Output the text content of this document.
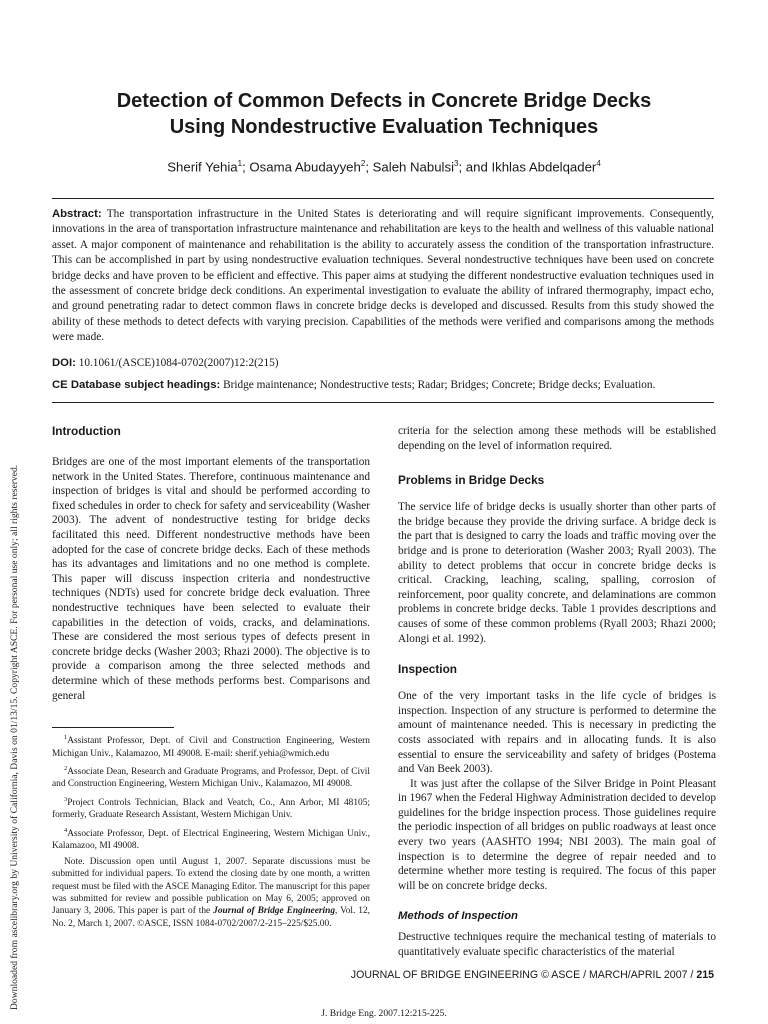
Downloaded from ascelibrary.org by University of California, Davis on 01/13/15. Copyright ASCE. For personal use only; all rights reserved.
Detection of Common Defects in Concrete Bridge Decks
Using Nondestructive Evaluation Techniques
Sherif Yehia$^1$; Osama Abudayyeh$^2$; Saleh Nabulsi$^3$; and Ikhlas Abdelqader$^4$
Abstract: The transportation infrastructure in the United States is deteriorating and will require significant improvements. Consequently, innovations in the area of transportation infrastructure maintenance and rehabilitation are keys to the health and wellness of this valuable national asset. A major component of maintenance and rehabilitation is the ability to accurately assess the condition of the transportation infrastructure. This can be accomplished in part by using nondestructive evaluation techniques. Several nondestructive techniques have been used on concrete bridge decks and have proven to be efficient and effective. This paper aims at studying the different nondestructive evaluation techniques used in the assessment of concrete bridge deck conditions. An experimental investigation to evaluate the ability of infrared thermography, impact echo, and ground penetrating radar to detect common flaws in concrete bridge decks is developed and discussed. Results from this study showed the ability of these methods to detect defects with varying precision. Capabilities of the methods were verified and comparisons among the methods were made.
DOI: 10.1061/(ASCE)1084-0702(2007)12:2(215)
CE Database subject headings: Bridge maintenance; Nondestructive tests; Radar; Bridges; Concrete; Bridge decks; Evaluation.
Introduction

Bridges are one of the most important elements of the transportation network in the United States. Therefore, continuous maintenance and inspection of bridges is vital and should be performed according to fixed schedules in order to check for safety and serviceability (Washer 2003). The advent of nondestructive testing for bridge decks facilitated this need. Different nondestructive methods have been adopted for the case of concrete bridge decks. Each of these methods has its advantages and limitations and no one method is complete. This paper will discuss inspection criteria and nondestructive techniques (NDTs) used for concrete bridge deck evaluation. Three nondestructive techniques have been selected to evaluate their capabilities in the detection of voids, cracks, and delaminations. These are considered the most serious types of defects present in concrete bridge decks (Washer 2003; Rhazi 2000). The objective is to provide a comparison among the three selected methods and determine which of these methods performs best. Comparisons and general

$^1$Assistant Professor, Dept. of Civil and Construction Engineering, Western Michigan Univ., Kalamazoo, MI 49008. E-mail: sherif.yehia@wmich.edu

$^2$Associate Dean, Research and Graduate Programs, and Professor, Dept. of Civil and Construction Engineering, Western Michigan Univ., Kalamazoo, MI 49008.

$^3$Project Controls Technician, Black and Veatch, Co., Ann Arbor, MI 48105; formerly, Graduate Research Assistant, Western Michigan Univ.

$^4$Associate Professor, Dept. of Electrical Engineering, Western Michigan Univ., Kalamazoo, MI 49008.

Note. Discussion open until August 1, 2007. Separate discussions must be submitted for individual papers. To extend the closing date by one month, a written request must be filed with the ASCE Managing Editor. The manuscript for this paper was submitted for review and possible publication on May 6, 2005; approved on January 3, 2006. This paper is part of the Journal of Bridge Engineering, Vol. 12, No. 2, March 1, 2007. ©ASCE, ISSN 1084-0702/2007/2-215–225/$25.00.

criteria for the selection among these methods will be established depending on the level of information required.

Problems in Bridge Decks

The service life of bridge decks is usually shorter than other parts of the bridge because they provide the driving surface. A bridge deck is the part that is designed to carry the loads and traffic moving over the bridge and is prone to deterioration (Washer 2003; Ryall 2003). The ability to detect problems that occur in concrete bridge decks is critical. Cracking, leaching, scaling, spalling, corrosion of reinforcement, poor quality concrete, and delaminations are common problems in concrete bridge decks. Table 1 provides descriptions and causes of some of these common problems (Ryall 2003; Rhazi 2000; Alongi et al. 1992).

Inspection

One of the very important tasks in the life cycle of bridges is inspection. Inspection of any structure is performed to determine the amount of maintenance needed. This is necessary in predicting the costs associated with repairs and in allocating funds. It is also essential to ensure the serviceability and safety of bridges (Postema and Van Beek 2003).

It was just after the collapse of the Silver Bridge in Point Pleasant in 1967 when the Federal Highway Administration decided to develop guidelines for the bridge inspection process. Those guidelines require the periodic inspection of all bridges on public roadways at least once every two years (AASHTO 1994; NBI 2003). The main goal of inspection is to determine the degree of repair needed and to determine whether more testing is required. The focus of this paper will be on concrete bridge decks.

Methods of Inspection

Destructive techniques require the mechanical testing of materials to quantitatively evaluate specific characteristics of the material

JOURNAL OF BRIDGE ENGINEERING © ASCE / MARCH/APRIL 2007 / 215
J. Bridge Eng. 2007.12:215-225.
